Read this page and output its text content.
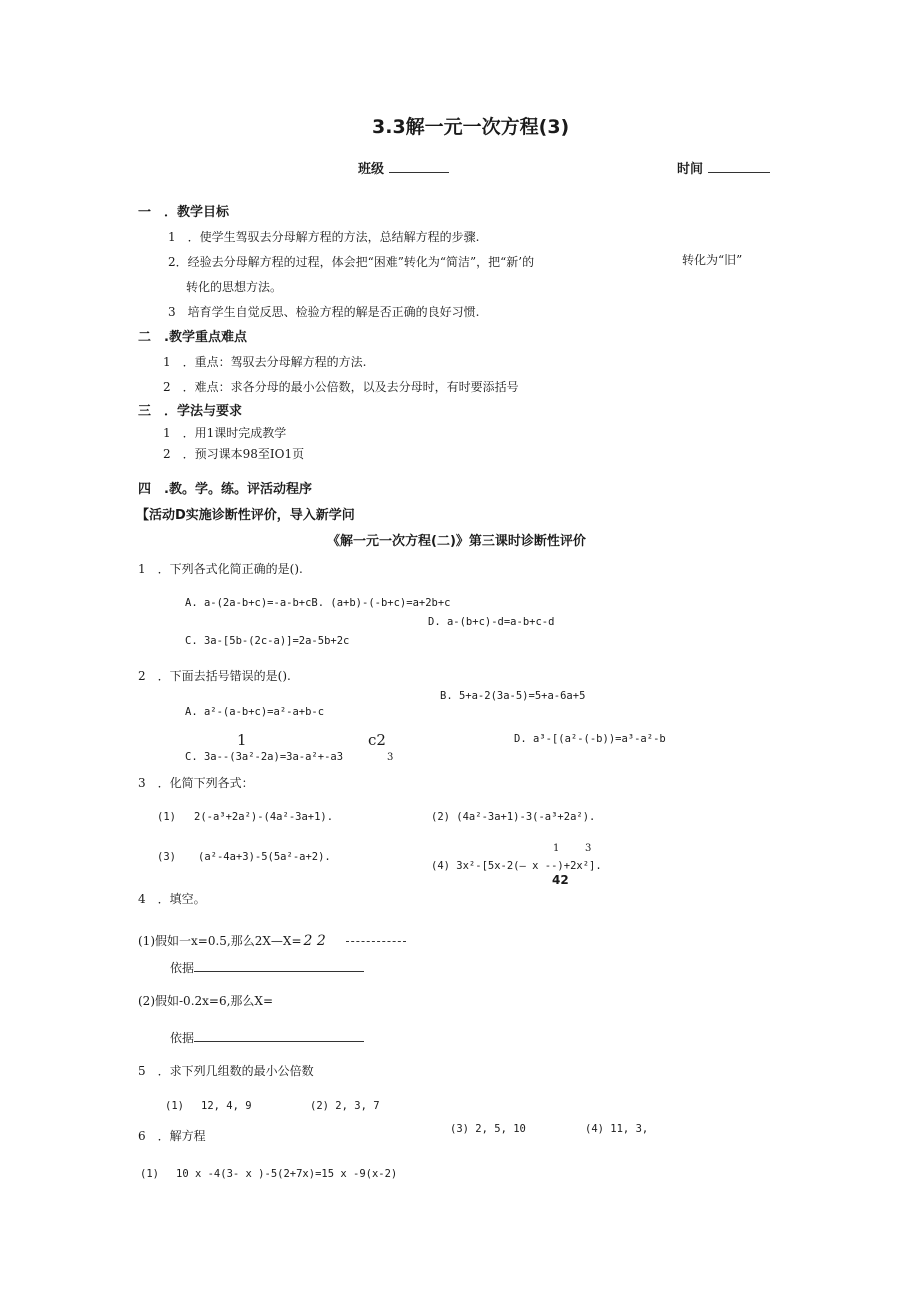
3.3解一元一次方程(3)
班级	时间
一　．教学目标
1　．使学生驾驭去分母解方程的方法，总结解方程的步骤.
2．经验去分母解方程的过程，体会把“困难”转化为“简洁”，把“新’的	转化为“旧”
转化的思想方法。
3　培育学生自觉反思、检验方程的解是否正确的良好习惯.
二　.教学重点难点
1　．重点：驾驭去分母解方程的方法.
2　．难点：求各分母的最小公倍数，以及去分母时，有时要添括号
三　．学法与要求
1　．用1课时完成教学
2　．预习课本98至IO1页
四　.教。学。练。评活动程序
【活动D实施诊断性评价，导入新学问
《解一元一次方程(二)》第三课时诊断性评价
1　．下列各式化简正确的是().
A. a-(2a-b+c)=-a-b+cB. (a+b)-(-b+c)=a+2b+c
D. a-(b+c)-d=a-b+c-d
C. 3a-[5b-(2c-a)]=2a-5b+2c
2　．下面去括号错误的是().
B. 5+a-2(3a-5)=5+a-6a+5
A. a²-(a-b+c)=a²-a+b-c
1	c2
C. 3a--(3a²-2a)=3a-a²+-a3	3
D. a³-[(a²-(-b))=a³-a²-b
3　．化简下列各式：
(1) 2(-a³+2a²)-(4a²-3a+1).	(2) (4a²-3a+1)-3(-a³+2a²).
(3) (a²-4a+3)-5(5a²-a+2).
1	3
(4) 3x²-[5x-2(— x --)+2x²].
42
4　．填空。
(1)假如一x=0.5,那么2X—X= 2 2
依据
(2)假如-0.2x=6,那么X=
依据
5　．求下列几组数的最小公倍数
(1) 12, 4, 9	(2) 2, 3, 7
(3) 2, 5, 10	(4) 11, 3,
6　．解方程
(1) 10 x -4(3- x )-5(2+7x)=15 x -9(x-2)
